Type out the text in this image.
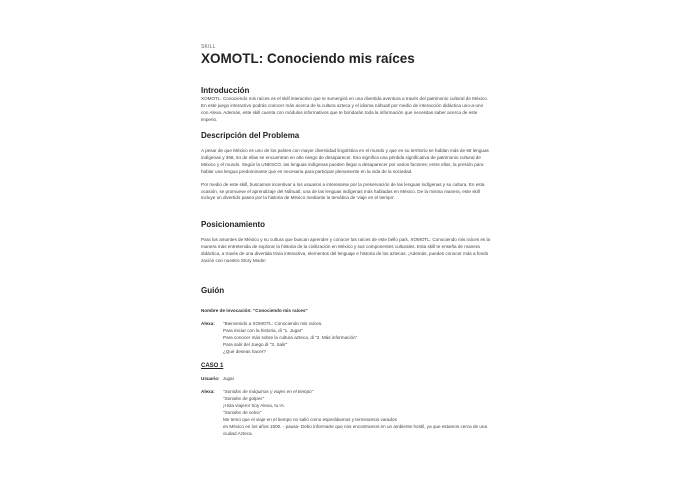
SKILL

XOMOTL: Conociendo mis raíces
Introducción

XOMOTL: Conociendo mis raíces es el skill interactivo que te sumergirá en una divertida aventura a través del patrimonio cultural de México. En este juego interactivo podrás conocer más acerca de la cultura azteca y el idioma náhuatl por medio de interacción didáctica uno-a-uno con Alexa. Además, este skill cuenta con módulos informativos que te brindarán toda la información que necesitas saber acerca de este imperio.

Descripción del Problema

A pesar de que México es uno de los países con mayor diversidad lingüística en el mundo y que en su territorio se hablan más de 68 lenguas indígenas y 368, 64 de ellas se encuentran en alto riesgo de desaparecer. Eso significa una pérdida significativa de patrimonio cultural de México y el mundo. Según la UNESCO, las lenguas indígenas pueden llegar a desaparecer por varios factores; entre ellos, la presión para hablar una lengua predominante que es necesaria para participar plenamente en la vida de la sociedad.

Por medio de este skill, buscamos incentivar a los usuarios a interesarse por la preservación de las lenguas indígenas y su cultura. En esta ocasión, se promueve el aprendizaje del Náhuatl, una de las lenguas indígenas más habladas en México. De la misma manera, este skill incluye un divertido paseo por la historia de México mediante la temática de 'viaje en el tiempo'.

Posicionamiento

Para los amantes de México y su cultura que buscan aprender y conocer las raíces de este bello país, XOMOTL: Conociendo mis raíces es la manera más entretenida de explorar la historia de la civilización en México y sus componentes culturales. Esta skill te enseña de manera didáctica, a través de una divertida trivia interactiva, elementos del lenguaje e historia de los aztecas. ¡Además, puedes conocer más a fondo zación con nuestro Story Mode!

Guión

Nombre de invocación: "Conociendo mis raíces"

Alexa:	"Bienvenido a XOMOTL: Conociendo mis raíces.
Para iniciar con la historia, di "1. Jugar"
Para conocer más sobre la cultura azteca, di "2. Más información"
Para salir del Juego di "3. Salir"
¿Qué deseas hacer?
CASO 1
Usuario: Jugar
Alexa:	"Sonidos de máquinas y viajes en el tiempo"
"Sonidos de golpes"
¡Hola viajero! Soy Alexa, tu IA.
"Sonidos de selva"
Me temo que el viaje en el tiempo no salió como esperábamos y terminamos varados
en México en los años 1500. - pausa- Debo informarte que nos encontramos en un ambiente hostil, ya que estamos cerca de una ciudad Azteca.
